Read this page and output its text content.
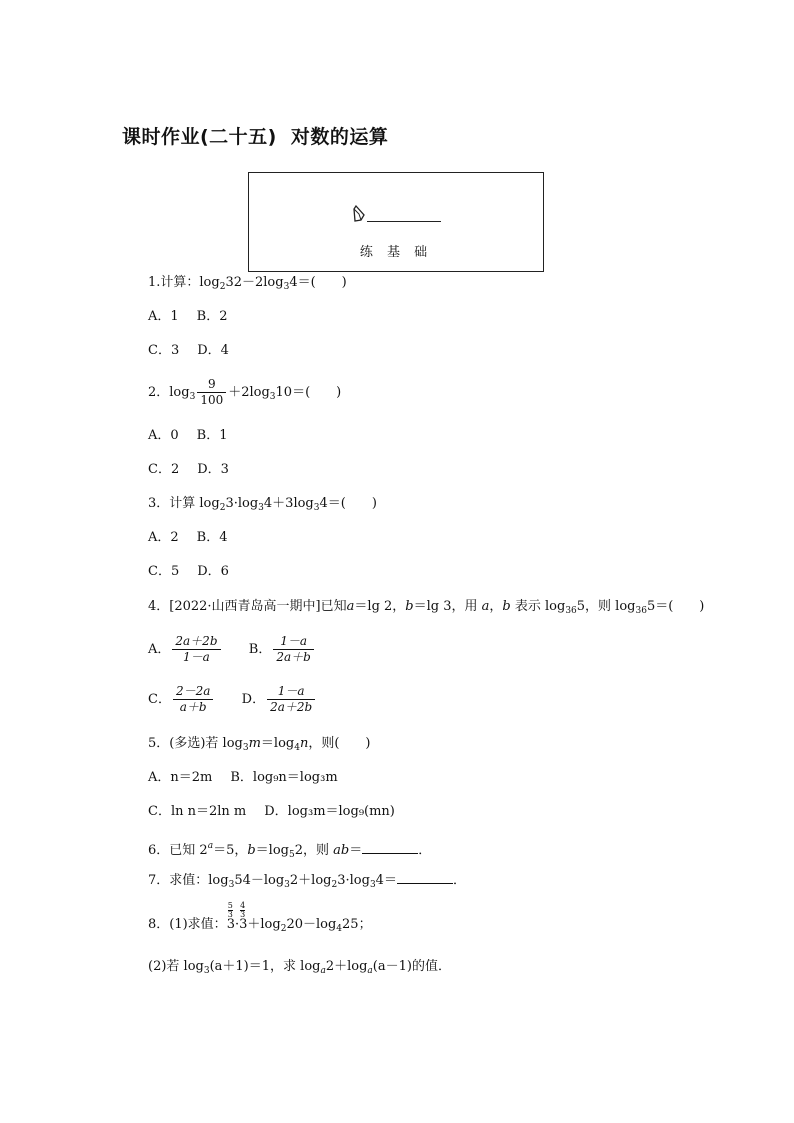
课时作业(二十五) 对数的运算
练 基 础
1.计算：$\log_232-2\log_34=$(　　)
A．1 B．2
C．3 D．4
2．$\log_3 \frac{9}{100} +2\log_310=$(　　)
A．0 B．1
C．2 D．3
3．计算 $\log_23\cdot\log_34+3\log_34=$(　　)
A．2 B．4
C．5 D．6
4．[2022·山西青岛高一期中]已知a＝lg 2，b＝lg 3，用 a，b 表示 $\log_{36}5$，则 $\log_{36}5=$(　　)
A． $\frac{2a+2b}{1-a}$ B． $\frac{1-a}{2a+b}$
C． $\frac{2-2a}{a+b}$ D． $\frac{1-a}{2a+2b}$
5．(多选)若 $\log_3m=\log_4n$，则(　　)
A．n＝2m B．log₉n＝log₃m
C．ln n＝2ln m D．log₃m＝log₉(mn)
6．已知 $2^a=5$，$b=\log_52$，则 ab＝	．
7．求值：$\log_354-\log_32+\log_23\cdot\log_34=$	．
8．(1)求值：3
5
3
·3
4
3
$+\log_220-\log_425$；
(2)若 $\log_3(a+1)=1$，求 $\log_a2+\log_a(a-1)$的值．
